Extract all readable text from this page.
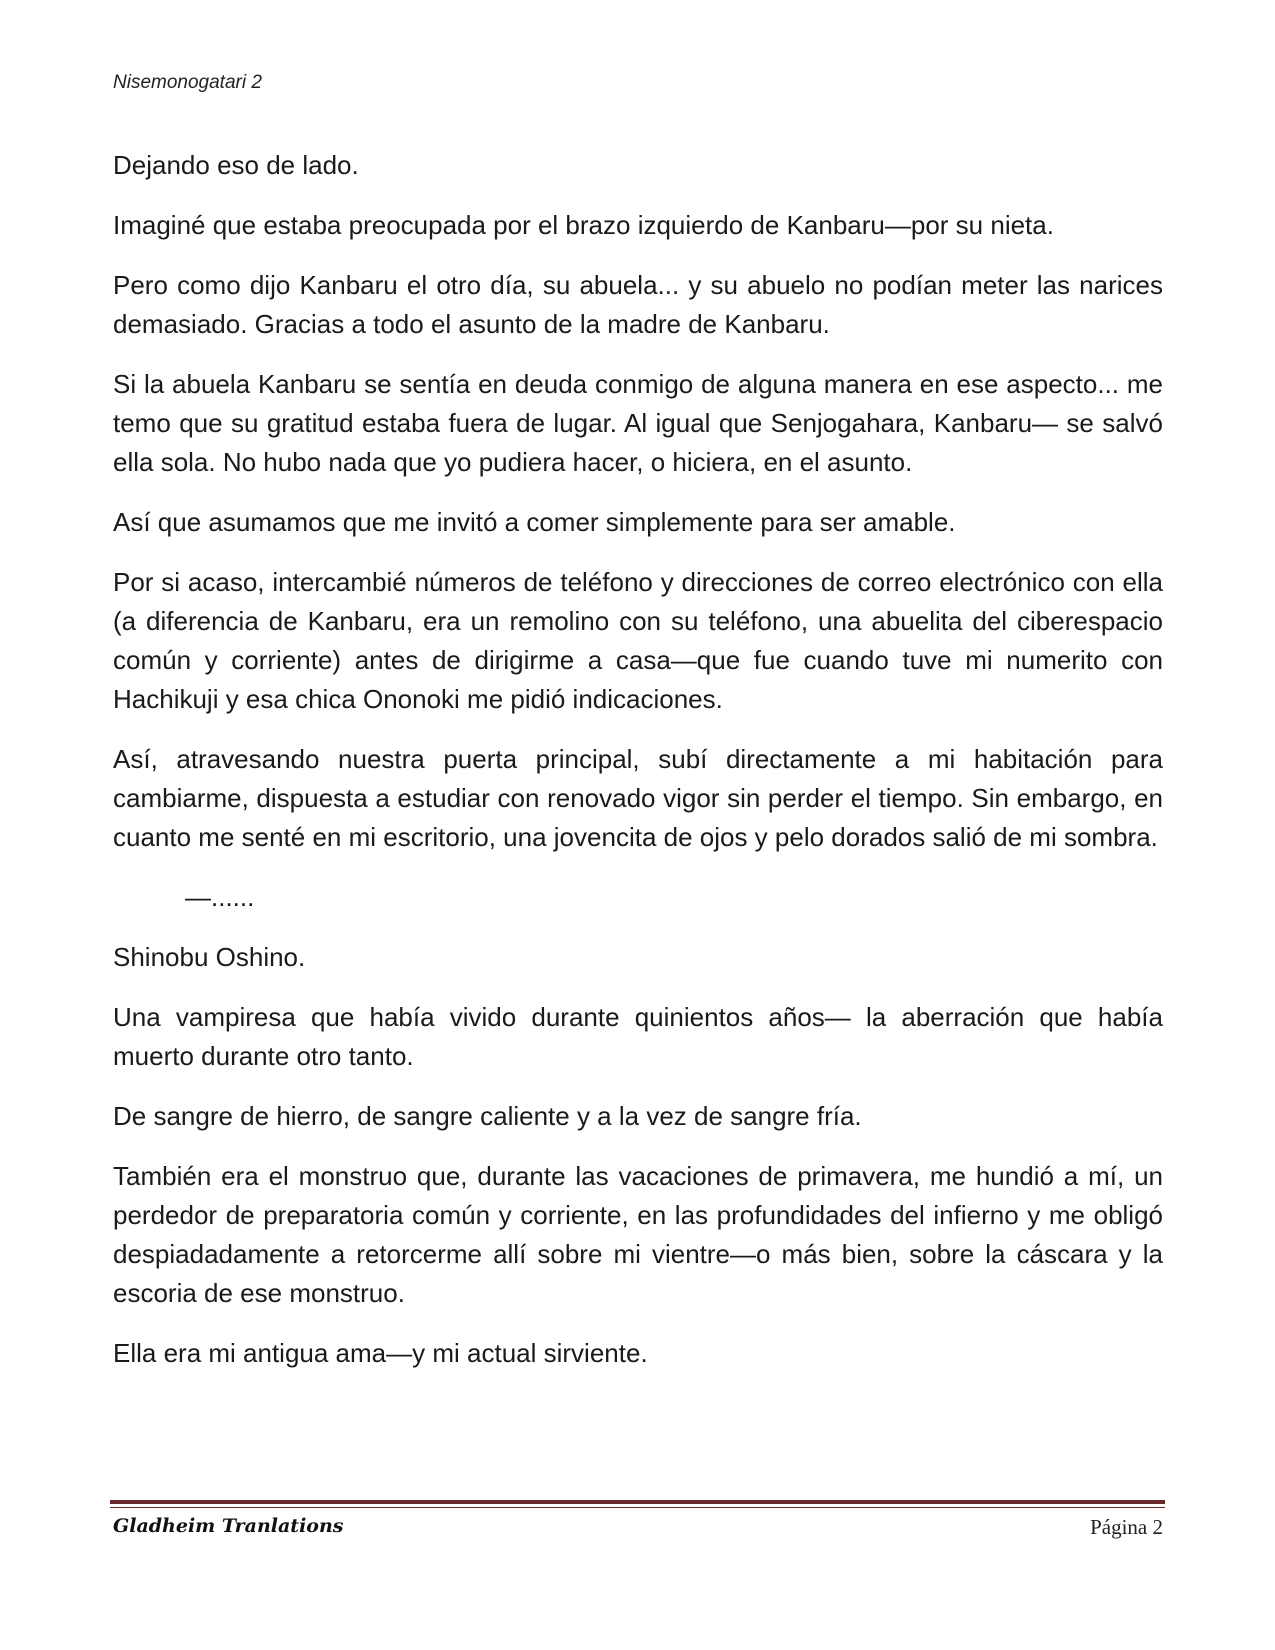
Nisemonogatari 2

Dejando eso de lado.

Imaginé que estaba preocupada por el brazo izquierdo de Kanbaru—por su nieta.

Pero como dijo Kanbaru el otro día, su abuela... y su abuelo no podían meter las narices demasiado. Gracias a todo el asunto de la madre de Kanbaru.

Si la abuela Kanbaru se sentía en deuda conmigo de alguna manera en ese aspecto... me temo que su gratitud estaba fuera de lugar. Al igual que Senjogahara, Kanbaru— se salvó ella sola. No hubo nada que yo pudiera hacer, o hiciera, en el asunto.

Así que asumamos que me invitó a comer simplemente para ser amable.

Por si acaso, intercambié números de teléfono y direcciones de correo electrónico con ella (a diferencia de Kanbaru, era un remolino con su teléfono, una abuelita del ciberespacio común y corriente) antes de dirigirme a casa—que fue cuando tuve mi numerito con Hachikuji y esa chica Ononoki me pidió indicaciones.

Así, atravesando nuestra puerta principal, subí directamente a mi habitación para cambiarme, dispuesta a estudiar con renovado vigor sin perder el tiempo. Sin embargo, en cuanto me senté en mi escritorio, una jovencita de ojos y pelo dorados salió de mi sombra.

—......

Shinobu Oshino.

Una vampiresa que había vivido durante quinientos años— la aberración que había muerto durante otro tanto.

De sangre de hierro, de sangre caliente y a la vez de sangre fría.

También era el monstruo que, durante las vacaciones de primavera, me hundió a mí, un perdedor de preparatoria común y corriente, en las profundidades del infierno y me obligó despiadadamente a retorcerme allí sobre mi vientre—o más bien, sobre la cáscara y la escoria de ese monstruo.

Ella era mi antigua ama—y mi actual sirviente.

Gladheim Tranlations	Página 2
